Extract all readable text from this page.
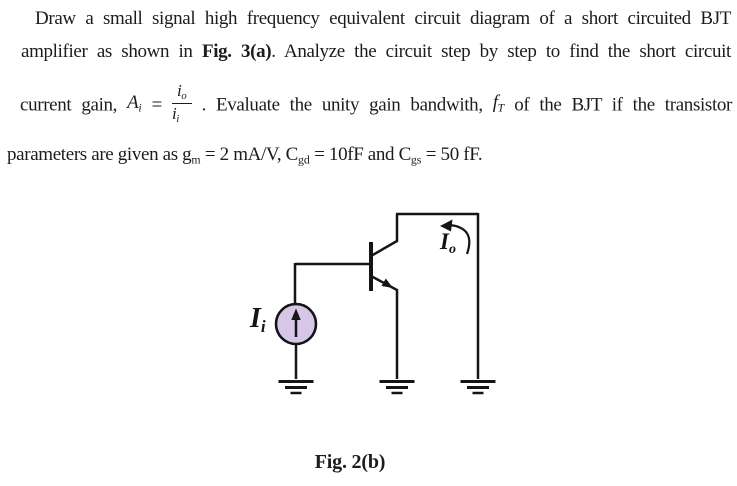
Draw a small signal high frequency equivalent circuit diagram of a short circuited BJT
amplifier as shown in Fig. 3(a). Analyze the circuit step by step to find the short circuit
current gain, $A_i = \frac{i_o}{i_i}$ . Evaluate the unity gain bandwith, $f_T$ of the BJT if the transistor
parameters are given as $g_m = 2$ mA/V, $C_{gd} = 10fF$ and $C_{gs} = 50$ fF.
$I_i$
$I_o$
Fig. 2(b)
